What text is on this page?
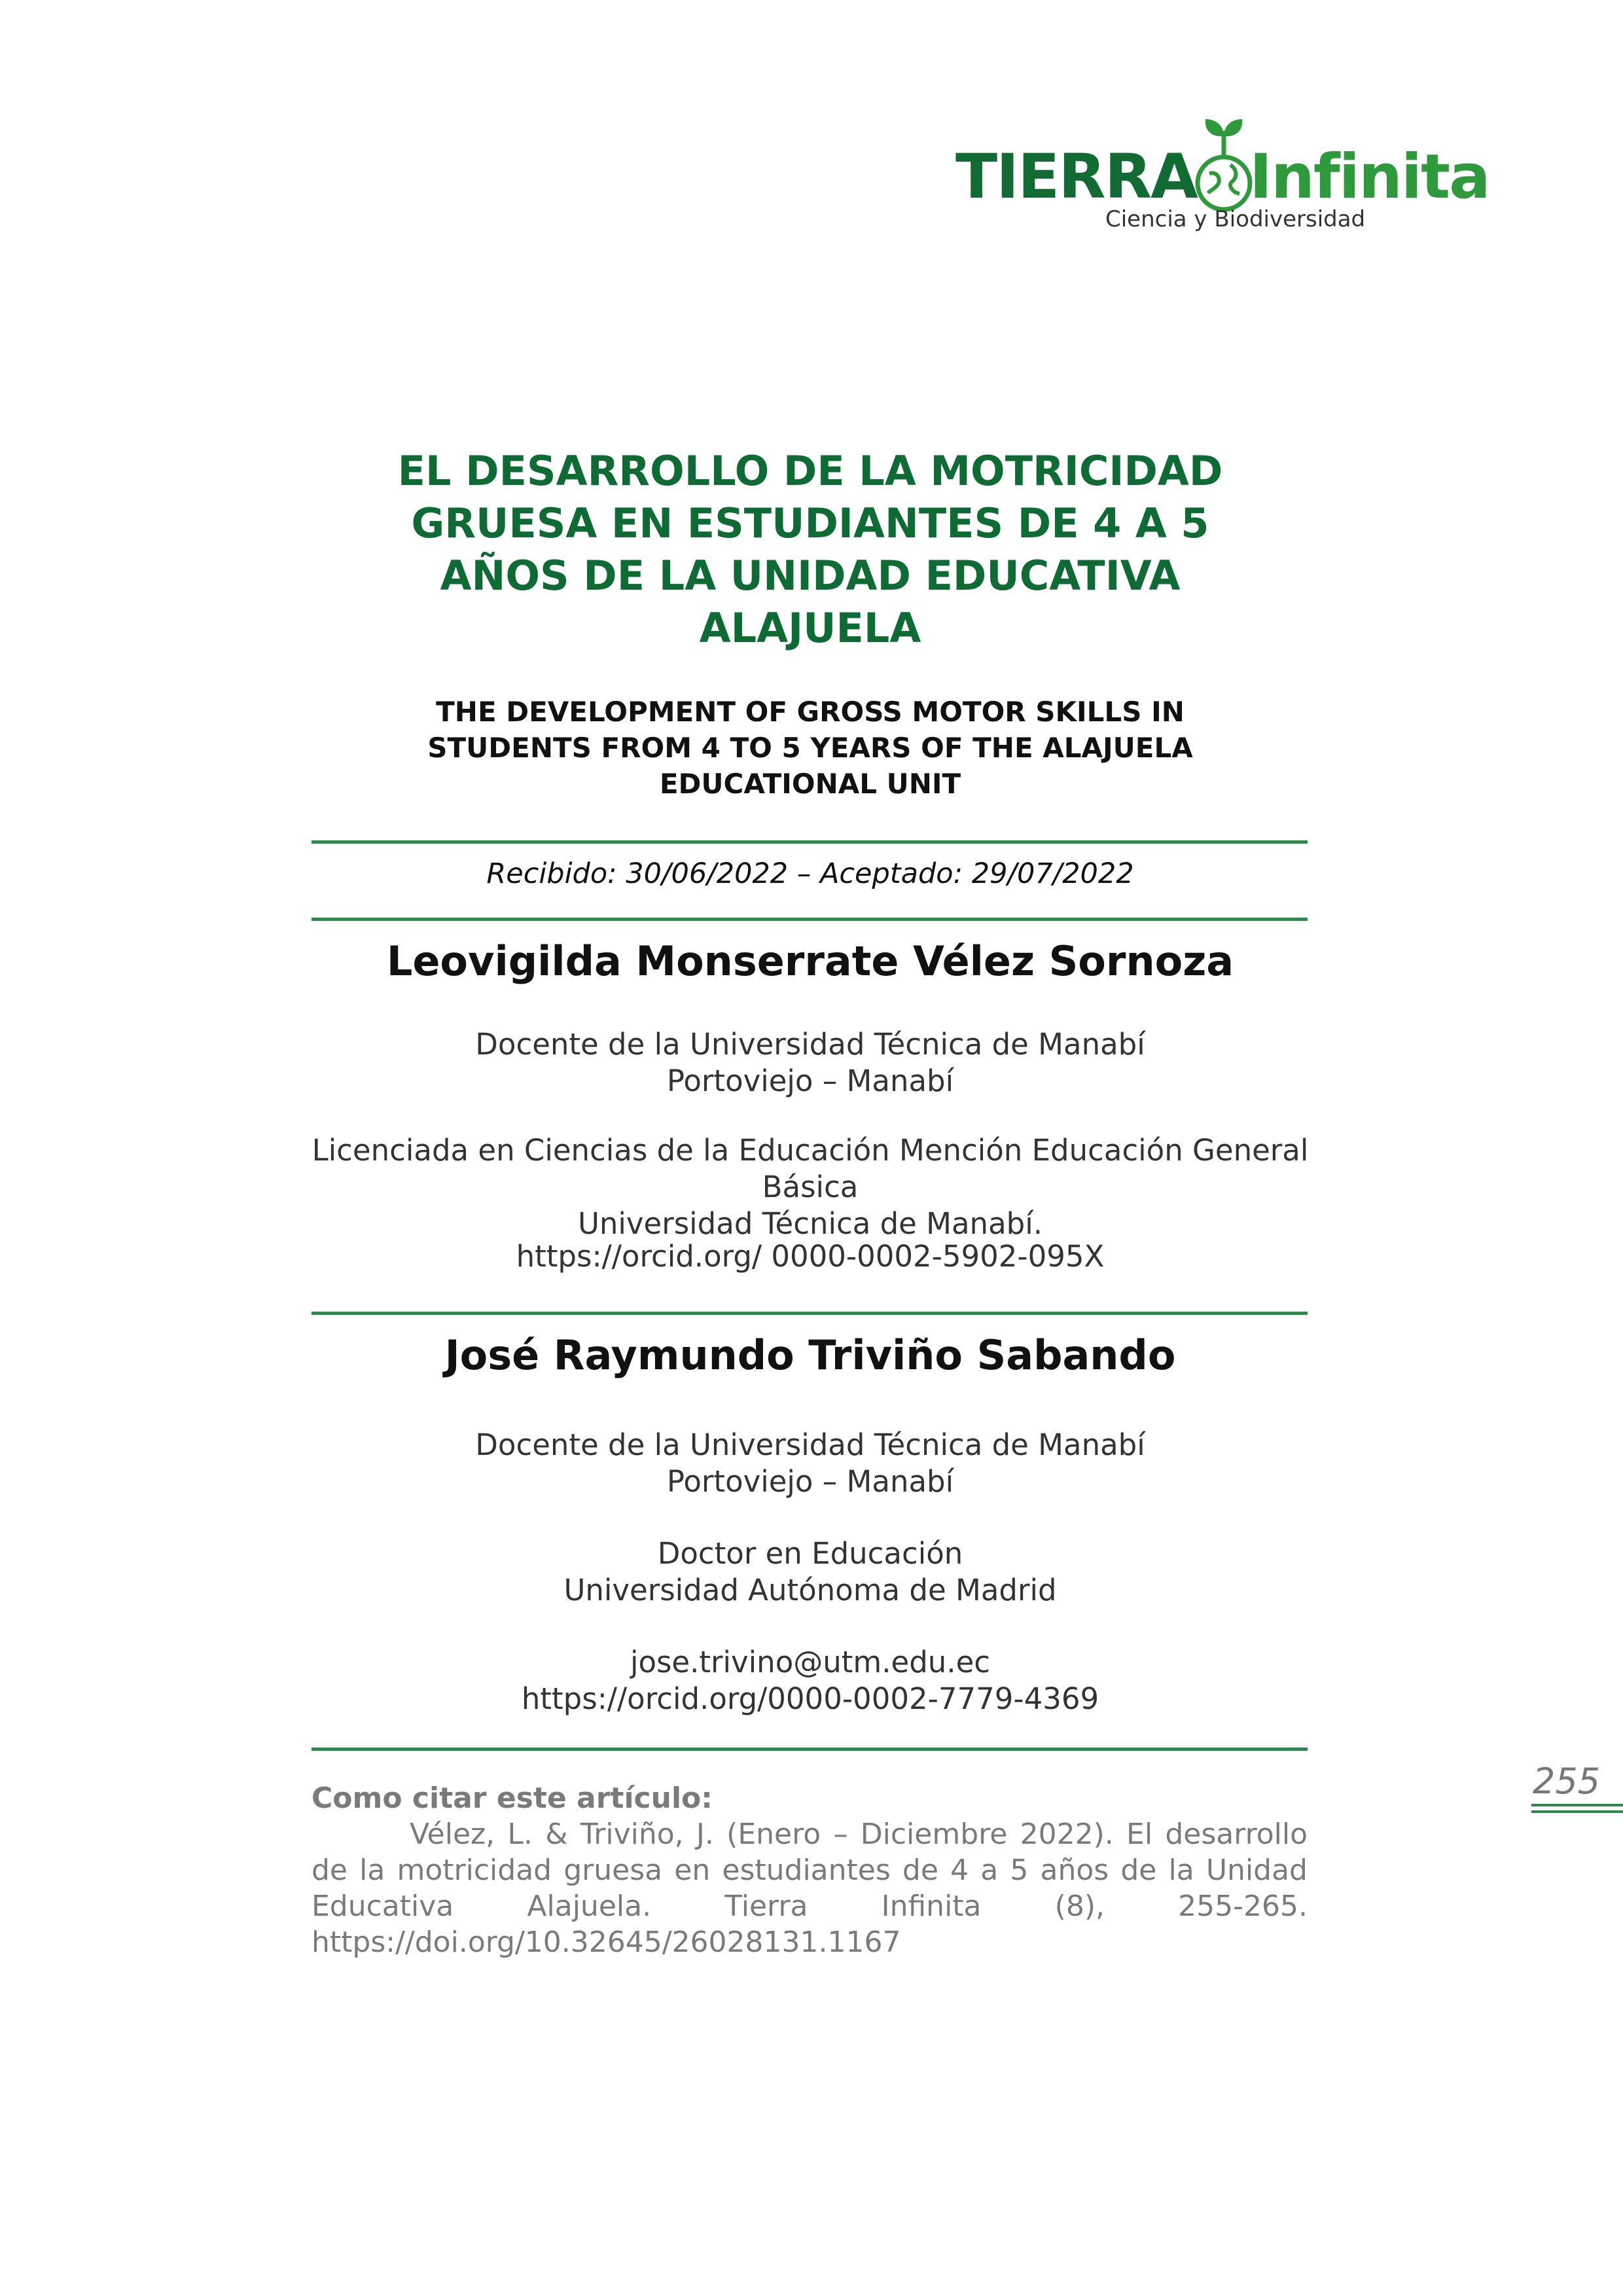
TIERRA Infinita
Ciencia y Biodiversidad
EL DESARROLLO DE LA MOTRICIDAD
GRUESA EN ESTUDIANTES DE 4 A 5
AÑOS DE LA UNIDAD EDUCATIVA
ALAJUELA
THE DEVELOPMENT OF GROSS MOTOR SKILLS IN
STUDENTS FROM 4 TO 5 YEARS OF THE ALAJUELA
EDUCATIONAL UNIT
Recibido: 30/06/2022 – Aceptado: 29/07/2022
Leovigilda Monserrate Vélez Sornoza
Docente de la Universidad Técnica de Manabí
Portoviejo – Manabí
Licenciada en Ciencias de la Educación Mención Educación General Básica
Universidad Técnica de Manabí.
https://orcid.org/ 0000-0002-5902-095X
José Raymundo Triviño Sabando
Docente de la Universidad Técnica de Manabí
Portoviejo – Manabí
Doctor en Educación
Universidad Autónoma de Madrid
jose.trivino@utm.edu.ec
https://orcid.org/0000-0002-7779-4369
Como citar este artículo:
Vélez, L. & Triviño, J. (Enero – Diciembre 2022). El desarrollo de la motricidad gruesa en estudiantes de 4 a 5 años de la Unidad Educativa Alajuela. Tierra Infinita (8), 255-265. https://doi.org/10.32645/26028131.1167
255
